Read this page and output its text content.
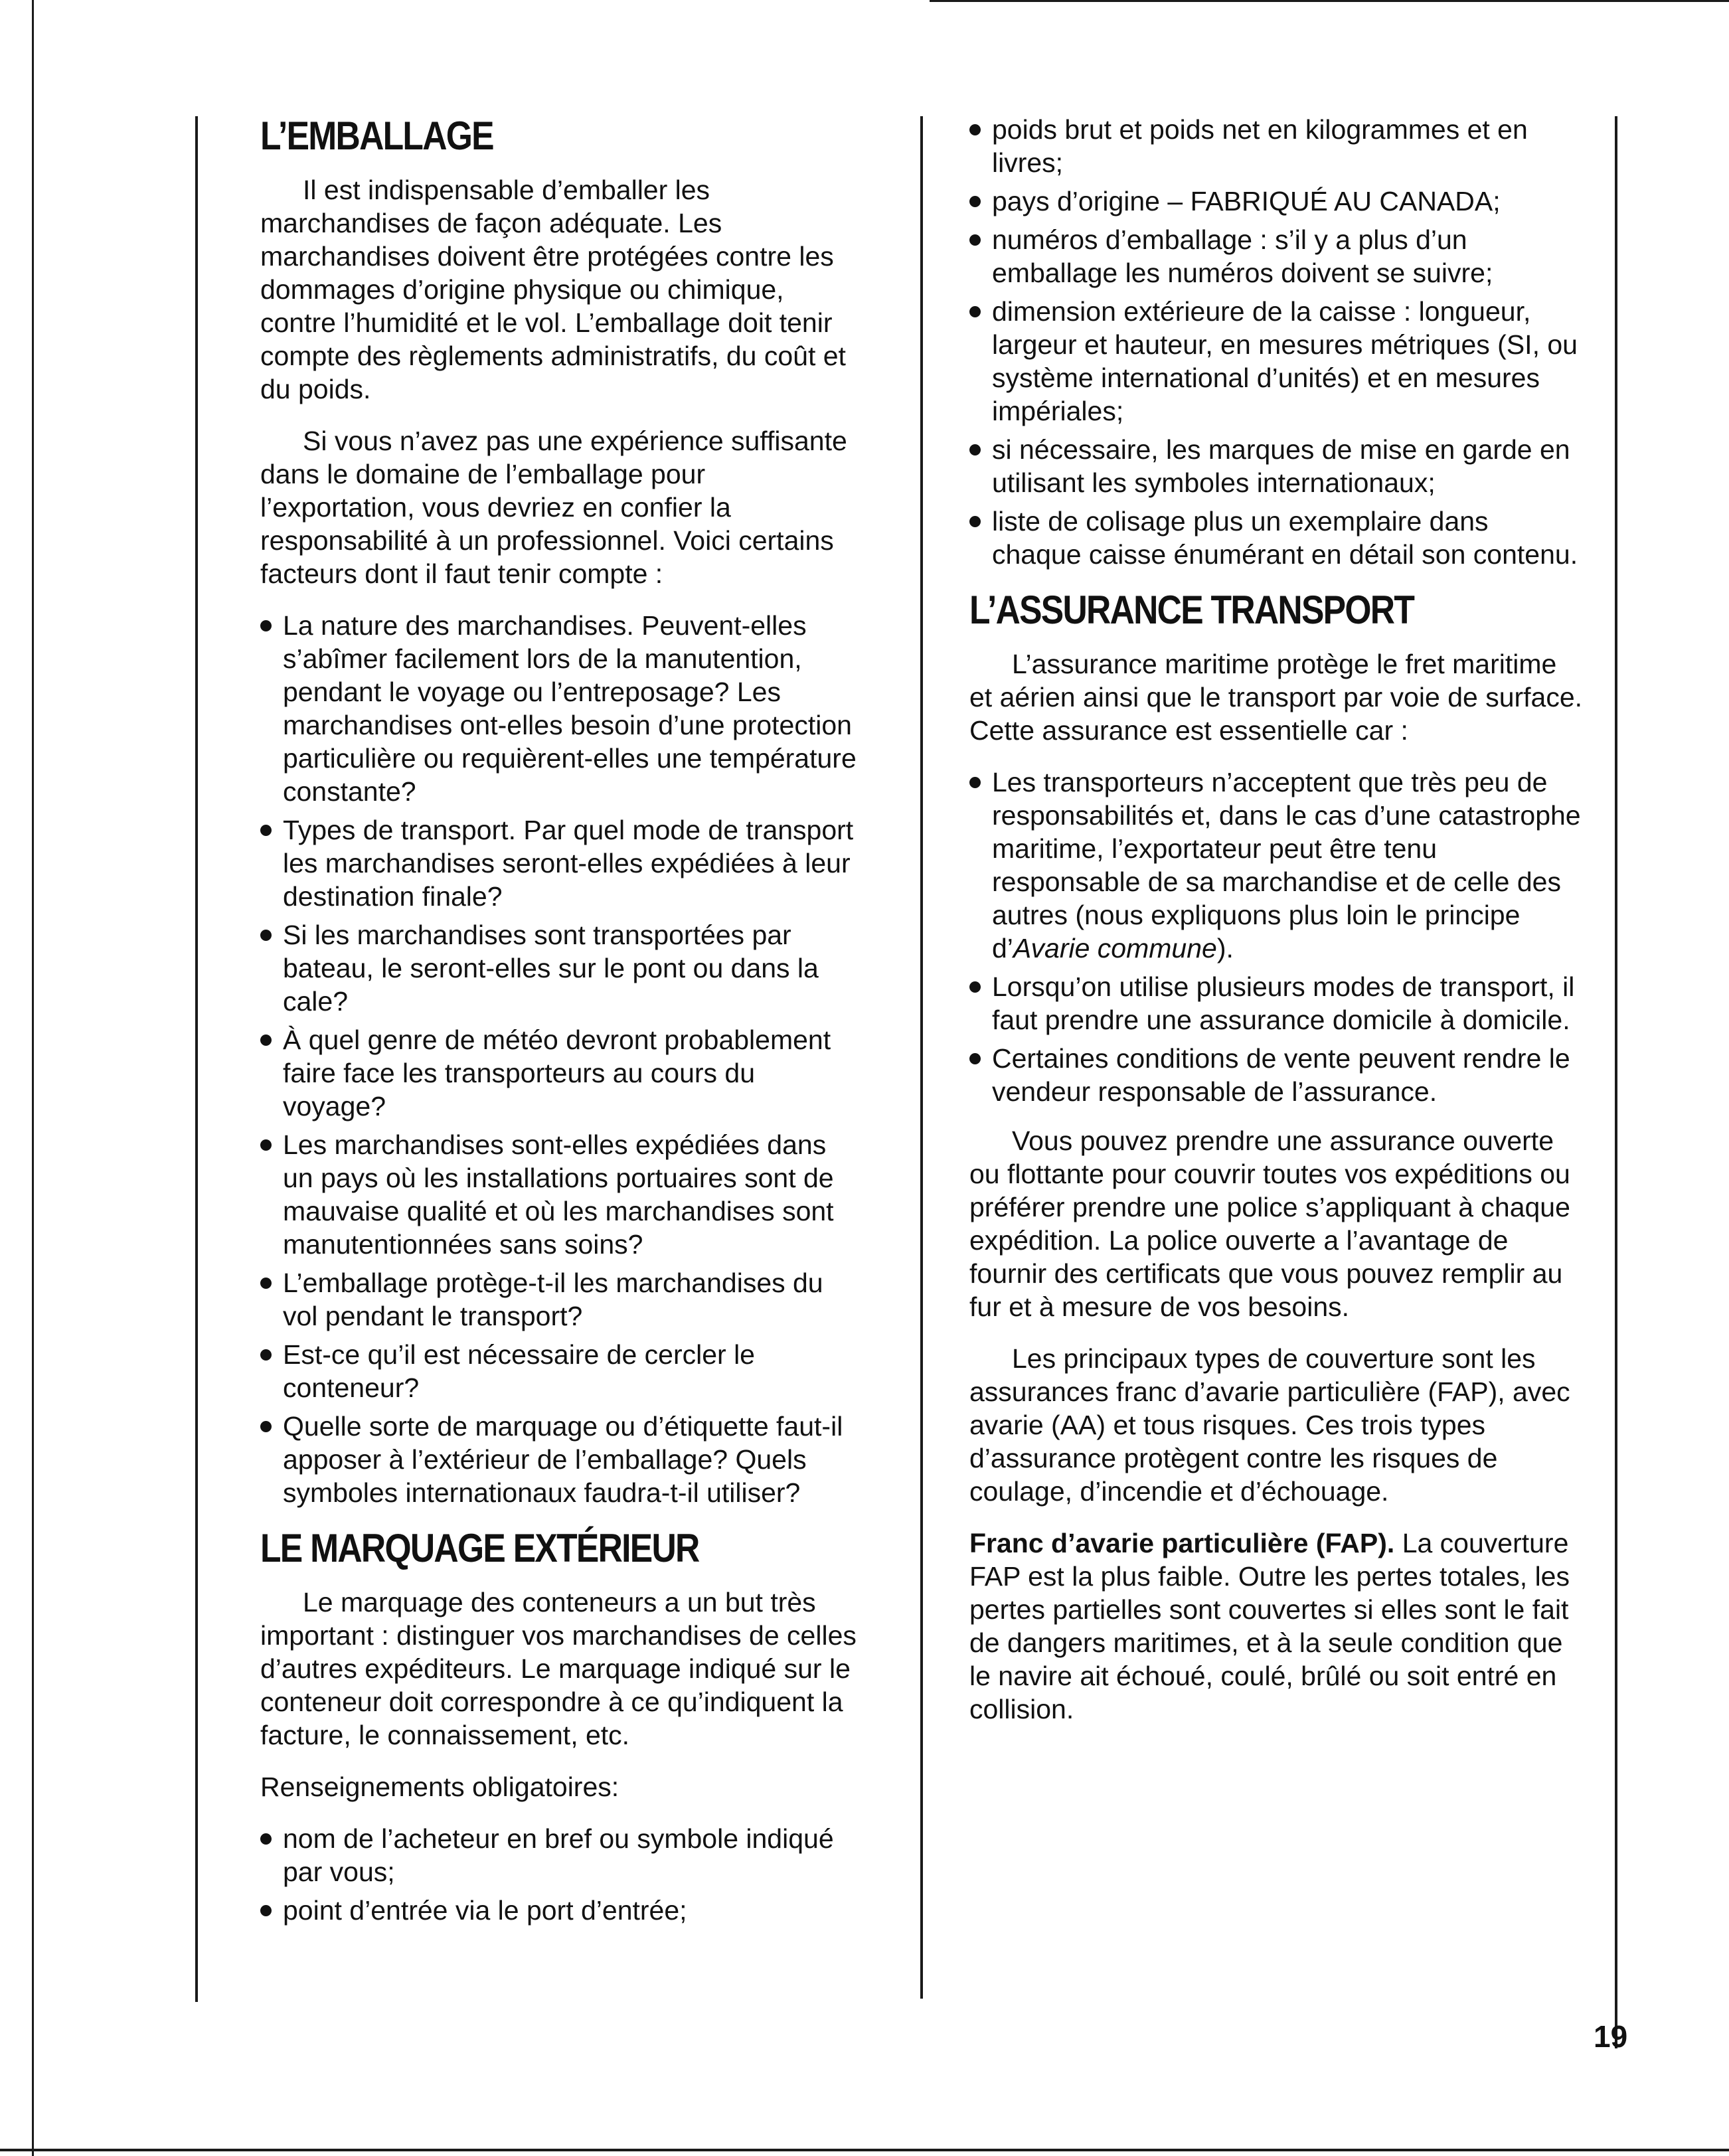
L’EMBALLAGE

Il est indispensable d’emballer les marchandises de façon adéquate. Les marchandises doivent être protégées contre les dommages d’origine physique ou chimique, contre l’humidité et le vol. L’emballage doit tenir compte des règlements administratifs, du coût et du poids.

Si vous n’avez pas une expérience suffisante dans le domaine de l’emballage pour l’exportation, vous devriez en confier la responsabilité à un professionnel. Voici certains facteurs dont il faut tenir compte :

La nature des marchandises. Peuvent-elles s’abîmer facilement lors de la manutention, pendant le voyage ou l’entreposage? Les marchandises ont-elles besoin d’une protection particulière ou requièrent-elles une température constante?
Types de transport. Par quel mode de transport les marchandises seront-elles expédiées à leur destination finale?
Si les marchandises sont transportées par bateau, le seront-elles sur le pont ou dans la cale?
À quel genre de météo devront probablement faire face les transporteurs au cours du voyage?
Les marchandises sont-elles expédiées dans un pays où les installations portuaires sont de mauvaise qualité et où les marchandises sont manutentionnées sans soins?
L’emballage protège-t-il les marchandises du vol pendant le transport?
Est-ce qu’il est nécessaire de cercler le conteneur?
Quelle sorte de marquage ou d’étiquette faut-il apposer à l’extérieur de l’emballage? Quels symboles internationaux faudra-t-il utiliser?
LE MARQUAGE EXTÉRIEUR

Le marquage des conteneurs a un but très important : distinguer vos marchandises de celles d’autres expéditeurs. Le marquage indiqué sur le conteneur doit correspondre à ce qu’indiquent la facture, le connaissement, etc.

Renseignements obligatoires:

nom de l’acheteur en bref ou symbole indiqué par vous;
point d’entrée via le port d’entrée;
poids brut et poids net en kilogrammes et en livres;
pays d’origine – FABRIQUÉ AU CANADA;
numéros d’emballage : s’il y a plus d’un emballage les numéros doivent se suivre;
dimension extérieure de la caisse : longueur, largeur et hauteur, en mesures métriques (SI, ou système international d’unités) et en mesures impériales;
si nécessaire, les marques de mise en garde en utilisant les symboles internationaux;
liste de colisage plus un exemplaire dans chaque caisse énumérant en détail son contenu.
L’ASSURANCE TRANSPORT

L’assurance maritime protège le fret maritime et aérien ainsi que le transport par voie de surface. Cette assurance est essentielle car :

Les transporteurs n’acceptent que très peu de responsabilités et, dans le cas d’une catastrophe maritime, l’exportateur peut être tenu responsable de sa marchandise et de celle des autres (nous expliquons plus loin le principe d’Avarie commune).
Lorsqu’on utilise plusieurs modes de transport, il faut prendre une assurance domicile à domicile.
Certaines conditions de vente peuvent rendre le vendeur responsable de l’assurance.

Vous pouvez prendre une assurance ouverte ou flottante pour couvrir toutes vos expéditions ou préférer prendre une police s’appliquant à chaque expédition. La police ouverte a l’avantage de fournir des certificats que vous pouvez remplir au fur et à mesure de vos besoins.

Les principaux types de couverture sont les assurances franc d’avarie particulière (FAP), avec avarie (AA) et tous risques. Ces trois types d’assurance protègent contre les risques de coulage, d’incendie et d’échouage.

Franc d’avarie particulière (FAP). La couverture FAP est la plus faible. Outre les pertes totales, les pertes partielles sont couvertes si elles sont le fait de dangers maritimes, et à la seule condition que le navire ait échoué, coulé, brûlé ou soit entré en collision.

19
